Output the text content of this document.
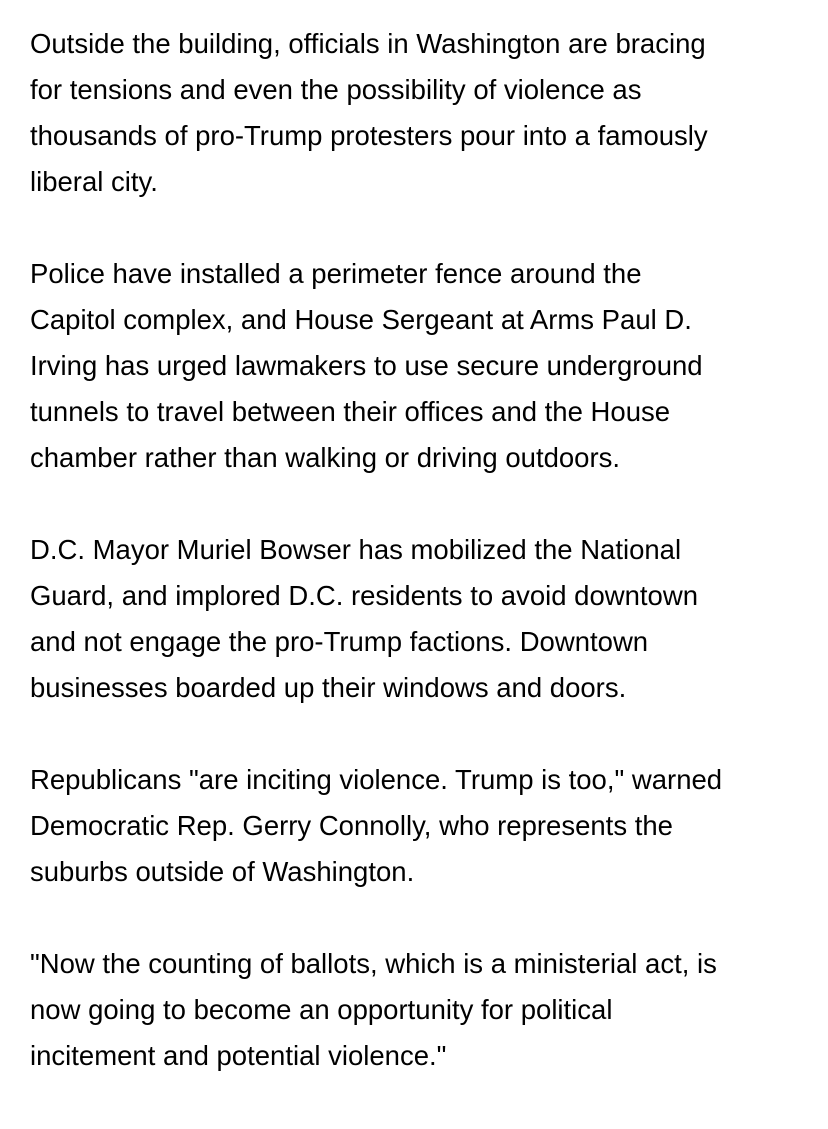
Outside the building, officials in Washington are bracing
for tensions and even the possibility of violence as
thousands of pro-Trump protesters pour into a famously
liberal city.

Police have installed a perimeter fence around the
Capitol complex, and House Sergeant at Arms Paul D.
Irving has urged lawmakers to use secure underground
tunnels to travel between their offices and the House
chamber rather than walking or driving outdoors.

D.C. Mayor Muriel Bowser has mobilized the National
Guard, and implored D.C. residents to avoid downtown
and not engage the pro-Trump factions. Downtown
businesses boarded up their windows and doors.

Republicans "are inciting violence. Trump is too," warned
Democratic Rep. Gerry Connolly, who represents the
suburbs outside of Washington.

"Now the counting of ballots, which is a ministerial act, is
now going to become an opportunity for political
incitement and potential violence."
